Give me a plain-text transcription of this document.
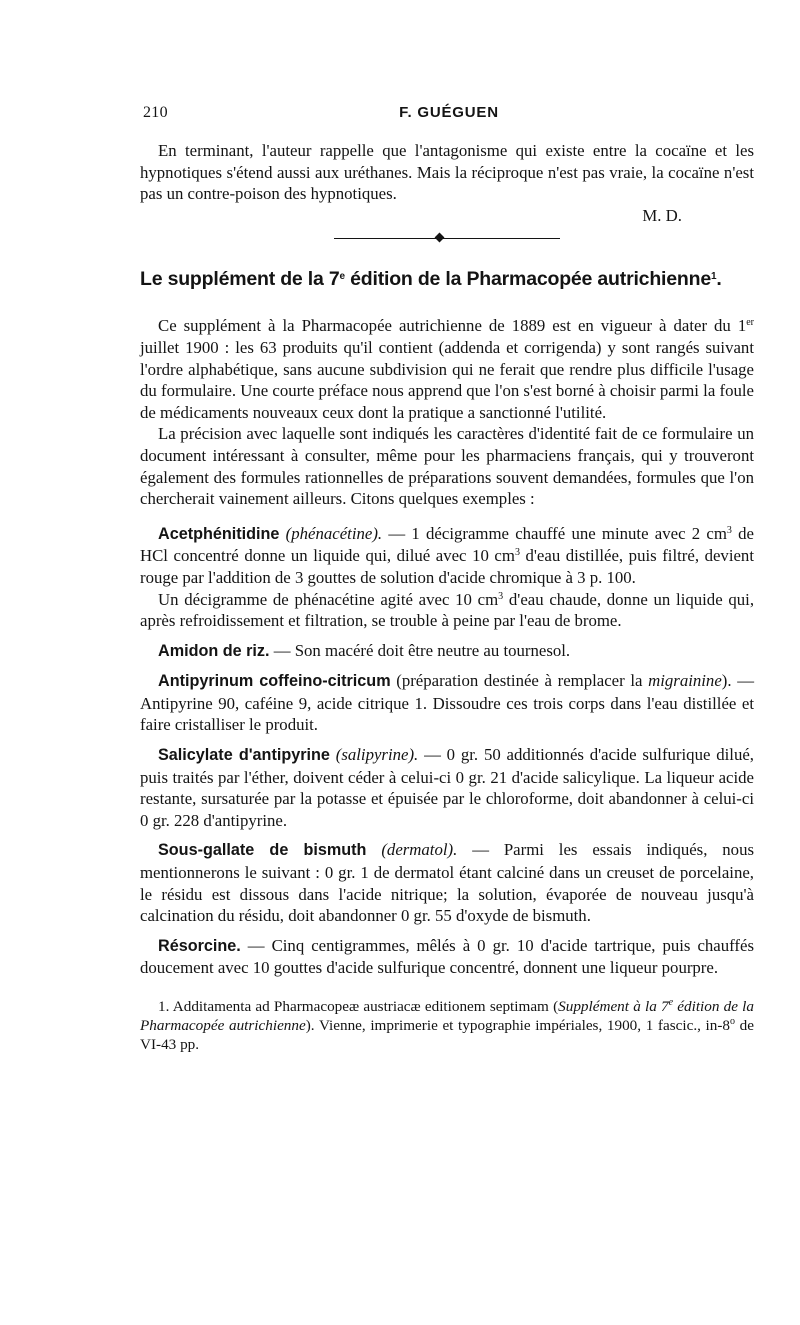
210	F. GUÉGUEN

En terminant, l'auteur rappelle que l'antagonisme qui existe entre la cocaïne et les hypnotiques s'étend aussi aux uréthanes. Mais la réciproque n'est pas vraie, la cocaïne n'est pas un contre-poison des hypnotiques.

M. D.

Le supplément de la 7e édition de la Pharmacopée autrichienne$^1$.

Ce supplément à la Pharmacopée autrichienne de 1889 est en vigueur à dater du 1er juillet 1900 : les 63 produits qu'il contient (addenda et corrigenda) y sont rangés suivant l'ordre alphabétique, sans aucune subdivision qui ne ferait que rendre plus difficile l'usage du formulaire. Une courte préface nous apprend que l'on s'est borné à choisir parmi la foule de médicaments nouveaux ceux dont la pratique a sanctionné l'utilité.

La précision avec laquelle sont indiqués les caractères d'identité fait de ce formulaire un document intéressant à consulter, même pour les pharmaciens français, qui y trouveront également des formules rationnelles de préparations souvent demandées, formules que l'on chercherait vainement ailleurs. Citons quelques exemples :

Acetphénitidine (phénacétine). — 1 décigramme chauffé une minute avec 2 $cm^3$ de HCl concentré donne un liquide qui, dilué avec 10 $cm^3$ d'eau distillée, puis filtré, devient rouge par l'addition de 3 gouttes de solution d'acide chromique à 3 p. 100.

Un décigramme de phénacétine agité avec 10 $cm^3$ d'eau chaude, donne un liquide qui, après refroidissement et filtration, se trouble à peine par l'eau de brome.

Amidon de riz. — Son macéré doit être neutre au tournesol.

Antipyrinum coffeino-citricum (préparation destinée à remplacer la migrainine). — Antipyrine 90, caféine 9, acide citrique 1. Dissoudre ces trois corps dans l'eau distillée et faire cristalliser le produit.

Salicylate d'antipyrine (salipyrine). — 0 gr. 50 additionnés d'acide sulfurique dilué, puis traités par l'éther, doivent céder à celui-ci 0 gr. 21 d'acide salicylique. La liqueur acide restante, sursaturée par la potasse et épuisée par le chloroforme, doit abandonner à celui-ci 0 gr. 228 d'antipyrine.

Sous-gallate de bismuth (dermatol). — Parmi les essais indiqués, nous mentionnerons le suivant : 0 gr. 1 de dermatol étant calciné dans un creuset de porcelaine, le résidu est dissous dans l'acide nitrique; la solution, évaporée de nouveau jusqu'à calcination du résidu, doit abandonner 0 gr. 55 d'oxyde de bismuth.

Résorcine. — Cinq centigrammes, mêlés à 0 gr. 10 d'acide tartrique, puis chauffés doucement avec 10 gouttes d'acide sulfurique concentré, donnent une liqueur pourpre.

1. Additamenta ad Pharmacopeæ austriacæ editionem septimam (Supplément à la 7e édition de la Pharmacopée autrichienne). Vienne, imprimerie et typographie impériales, 1900, 1 fascic., in-8$^o$ de VI-43 pp.
